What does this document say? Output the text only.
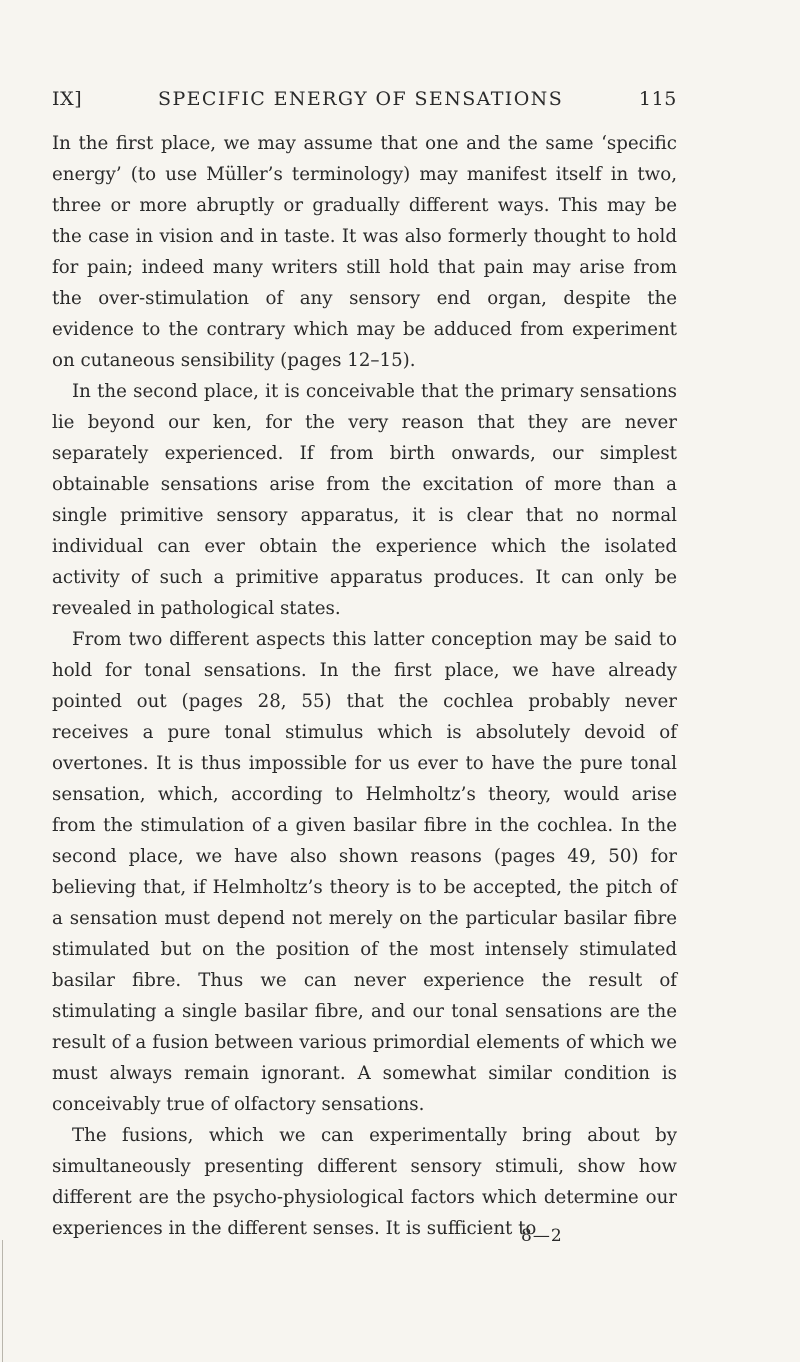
IX]	SPECIFIC ENERGY OF SENSATIONS	115

In the first place, we may assume that one and the same ‘specific energy’ (to use Müller’s terminology) may manifest itself in two, three or more abruptly or gradually different ways. This may be the case in vision and in taste. It was also formerly thought to hold for pain; indeed many writers still hold that pain may arise from the over-stimulation of any sensory end organ, despite the evidence to the contrary which may be adduced from experiment on cutaneous sensibility (pages 12–15).

In the second place, it is conceivable that the primary sensations lie beyond our ken, for the very reason that they are never separately experienced. If from birth onwards, our simplest obtainable sensations arise from the excitation of more than a single primitive sensory apparatus, it is clear that no normal individual can ever obtain the experience which the isolated activity of such a primitive apparatus produces. It can only be revealed in pathological states.

From two different aspects this latter conception may be said to hold for tonal sensations. In the first place, we have already pointed out (pages 28, 55) that the cochlea probably never receives a pure tonal stimulus which is absolutely devoid of overtones. It is thus impossible for us ever to have the pure tonal sensation, which, according to Helmholtz’s theory, would arise from the stimulation of a given basilar fibre in the cochlea. In the second place, we have also shown reasons (pages 49, 50) for believing that, if Helmholtz’s theory is to be accepted, the pitch of a sensation must depend not merely on the particular basilar fibre stimulated but on the position of the most intensely stimulated basilar fibre. Thus we can never experience the result of stimulating a single basilar fibre, and our tonal sensations are the result of a fusion between various primordial elements of which we must always remain ignorant. A somewhat similar condition is conceivably true of olfactory sensations.

The fusions, which we can experimentally bring about by simultaneously presenting different sensory stimuli, show how different are the psycho-physiological factors which determine our experiences in the different senses. It is sufficient to

8—2
